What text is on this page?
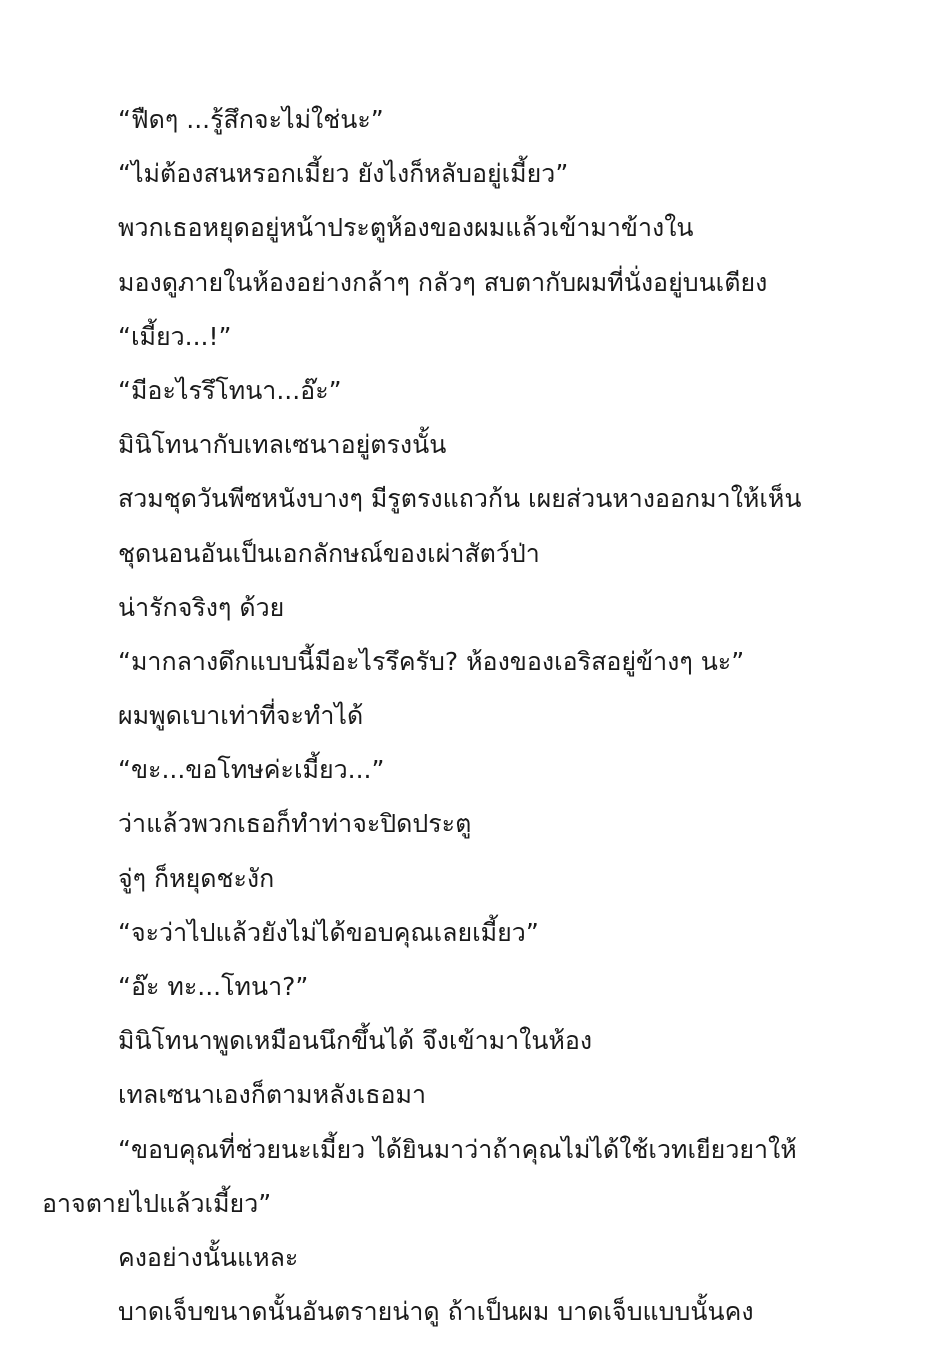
“ฟืดๆ ...รู้สึกจะไม่ใช่นะ”
“ไม่ต้องสนหรอกเมี้ยว ยังไงก็หลับอยู่เมี้ยว”
พวกเธอหยุดอยู่หน้าประตูห้องของผมแล้วเข้ามาข้างใน
มองดูภายในห้องอย่างกล้าๆ กลัวๆ สบตากับผมที่นั่งอยู่บนเตียง
“เมี้ยว...!”
“มีอะไรรึโทนา...อ๊ะ”
มินิโทนากับเทลเซนาอยู่ตรงนั้น
สวมชุดวันพีซหนังบางๆ มีรูตรงแถวก้น เผยส่วนหางออกมาให้เห็น
ชุดนอนอันเป็นเอกลักษณ์ของเผ่าสัตว์ป่า
น่ารักจริงๆ ด้วย
“มากลางดึกแบบนี้มีอะไรรึครับ? ห้องของเอริสอยู่ข้างๆ นะ”
ผมพูดเบาเท่าที่จะทำได้
“ขะ...ขอโทษค่ะเมี้ยว...”
ว่าแล้วพวกเธอก็ทำท่าจะปิดประตู
จู่ๆ ก็หยุดชะงัก
“จะว่าไปแล้วยังไม่ได้ขอบคุณเลยเมี้ยว”
“อ๊ะ ทะ...โทนา?”
มินิโทนาพูดเหมือนนึกขึ้นได้ จึงเข้ามาในห้อง
เทลเซนาเองก็ตามหลังเธอมา
“ขอบคุณที่ช่วยนะเมี้ยว ได้ยินมาว่าถ้าคุณไม่ได้ใช้เวทเยียวยาให้
อาจตายไปแล้วเมี้ยว”
คงอย่างนั้นแหละ
บาดเจ็บขนาดนั้นอันตรายน่าดู ถ้าเป็นผม บาดเจ็บแบบนั้นคง
